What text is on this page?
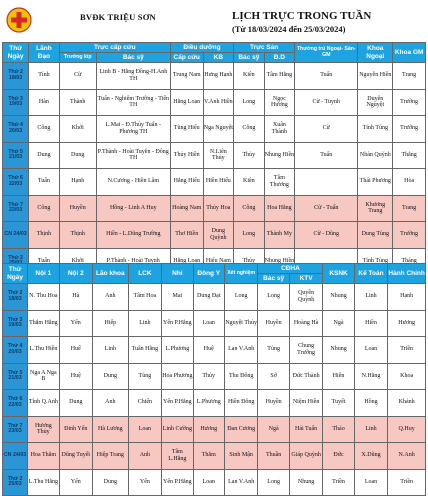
BVĐK TRIỆU SƠN	LỊCH TRỰC TRONG TUẦN
(Từ 18/03/2024 đến 25/03/2024)
Thứ Ngày	Lãnh Đạo	Trực cấp cứu		Điều dưỡng		Trực Sản		Thường trú Ngoại- Sản-GM	Khoa Ngoại	Khoa GM
		Trưởng kíp	Bác sỹ	Cấp cứu	KB	Bác sỹ	Đ.D			
Thứ 2 18/03	Tính	Cừ	Linh B - Hằng Đồng-H.Anh TH	Trung Nam	Hưng Hạnh	Kiên	Tâm Hằng	Tuấn	Nguyễn Hiền	Trang
Thứ 3 19/03	Hàn	Thành	Tuấn - Nghiêm Trường - Tiến TH	Hằng Loan	V.Anh Hiền	Long	Ngọc Hương	Cừ - Tuynh	Duyên Nguyệt	Trường
Thứ 4 20/03	Công	Khởi	L.Mai - Đ.Thủy Tuấn - Phương TH	Tùng Hiếu	Nga Nguyệt	Công	Xuân Thành	Cừ	Tỉnh Tùng	Trưởng
Thứ 5 21/03	Dung	Dung	P.Thành - Hoài Tuyên - Đông TH	Thủy Hiền	N.Liên Thủy	Thủy	Nhung Hiền	Tuấn	Nhàn Quỳnh	Thắng
Thứ 6 22/03	Tuấn	Hạnh	N.Cương - Hiền Lâm	Hằng Hiếu	Hiền Hiếu	Kiên	Tâm Thương		Thái Phương	Hòa
Thứ 7 23/03	Công	Huyền	Hồng - Linh A Huy	Hoàng Nam	Thủy Hoa	Công	Hoa Hằng	Cừ - Tuấn	Khương Trang	Trang
CN 24/03	Thịnh	Thịnh	Hiền - L.Dũng Trường	Thơ Hiền	Dung Quỳnh	Long	Thành My	Cừ - Dũng	Dung Tùng	Trường
Thứ 2	Tuấn	Khởi	P.Thành - Hoài Tuynh	Hằng Loan	Hiếu Nam	Thủy	Nhung Hiền		Tỉnh Tùng	Tháng
Thứ Ngày	Nội 1	Nội 2	Lão khoa	LCK	Nhi	Đông Y	Xét nghiệm	CĐHA		KSNK	Kế Toán	Hành Chính
								Bác sỹ	KTV			
Thứ 2 18/03	N. Thu Hoa	Hà	Anh	Tâm Hoa	Mai	Dung Đạt	Long	Long	Quyền Quỳnh	Nhung	Linh	Hạnh
Thứ 3 19/03	Thắm Hằng	Yến	Hiếp	Linh	Yến P.Hằng	Loan	Nguyệt Thủy	Huyền	Hoàng Hà	Ngà	Hiền	Hương
Thứ 4 20/03	L.Thu Hiền	Huế	Linh	Tuân Hằng	L.Phương	Huệ	Lan V.Anh	Tùng	Chung Trường	Nhung	Loan	Triền
Thứ 5 21/03	Nga A Nga B	Huệ	Dung	Tùng	Hoa Phương	Thủy	Thu Đông	Sở	Đức Thành	Hiền	N.Hằng	Khoa
Thứ 6 22/03	Tính Q.Anh	Dung	Anh	Chiến	Yến P.Hằng	L.Phương	Hiền Đông	Huyền	Niệm Hiền	Tuyết	Hồng	Khánh
Thứ 7 23/03	Hương Thủy	Đinh Yến	Hà Lương	Loan	Linh Cường	Hương	Đan Cương	Ngà	Hải Tuấn	Thảo	Linh	Q.Huy
CN 24/03	Hoa Thắm	Dũng Tuyết	Hiệp Trang	Anh	Tâm L.Hằng	Thắm	Sinh Mận	Thuần	Giáp Quỳnh	Đức	X.Dũng	N.Anh
Thứ 2 25/03	L.Thu Hằng	Yến	Dung	Yến	Yến P.Hằng	Loan	Lan V.Anh	Long	Nhung	Triền	Loan	Triền
